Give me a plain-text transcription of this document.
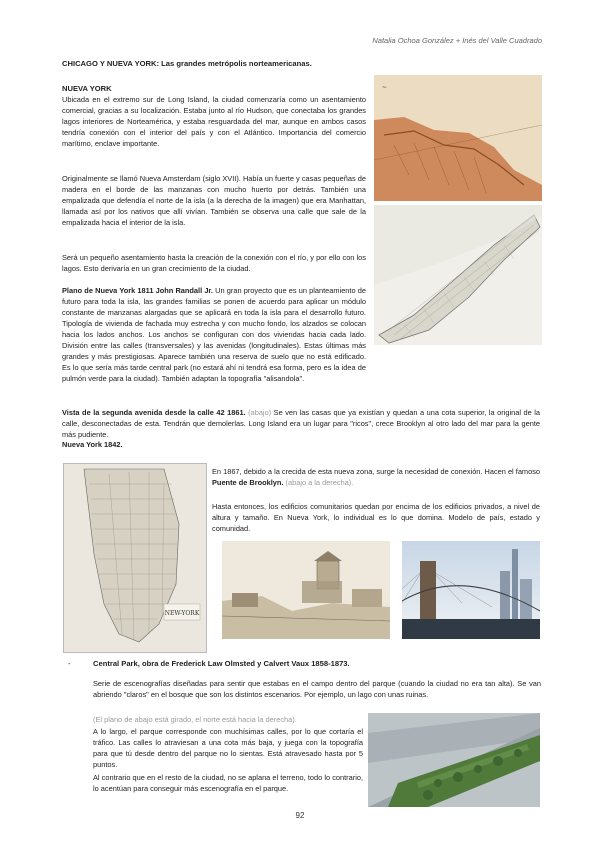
Natalia Ochoa González + Inés del Valle Cuadrado
CHICAGO Y NUEVA YORK: Las grandes metrópolis norteamericanas.
NUEVA YORK

Ubicada en el extremo sur de Long Island, la ciudad comenzaría como un asentamiento comercial, gracias a su localización. Estaba junto al río Hudson, que conectaba los grandes lagos interiores de Norteamérica, y estaba resguardada del mar, aunque en ambos casos tendría conexión con el interior del país y con el Atlántico. Importancia del comercio marítimo, enclave importante.

Originalmente se llamó Nueva Amsterdam (siglo XVII). Había un fuerte y casas pequeñas de madera en el borde de las manzanas con mucho huerto por detrás. También una empalizada que defendía el norte de la isla (a la derecha de la imagen) que era Manhattan, llamada así por los nativos que allí vivían. También se observa una calle que sale de la empalizada hacia el interior de la isla.

Será un pequeño asentamiento hasta la creación de la conexión con el río, y por ello con los lagos. Esto derivaría en un gran crecimiento de la ciudad.

Plano de Nueva York 1811 John Randall Jr. Un gran proyecto que es un planteamiento de futuro para toda la isla, las grandes familias se ponen de acuerdo para aplicar un módulo constante de manzanas alargadas que se aplicará en toda la isla para el desarrollo futuro. Tipología de vivienda de fachada muy estrecha y con mucho fondo, los alzados se colocan hacia los lados anchos. Los anchos se configuran con dos viviendas hacia cada lado. División entre las calles (transversales) y las avenidas (longitudinales). Estas últimas más grandes y más prestigiosas. Aparece también una reserva de suelo que no está edificado. Es lo que sería más tarde central park (no estará ahí ni tendrá esa forma, pero es la idea de pulmón verde para la ciudad). También adaptan la topografía "alisandola".

~

Vista de la segunda avenida desde la calle 42 1861. (abajo) Se ven las casas que ya existían y quedan a una cota superior, la original de la calle, desconectadas de esta. Tendrán que demolerlas. Long Island era un lugar para "ricos", crece Brooklyn al otro lado del mar para la gente más pudiente.

Nueva York 1842.
NEW-YORK

En 1867, debido a la crecida de esta nueva zona, surge la necesidad de conexión. Hacen el famoso Puente de Brooklyn. (abajo a la derecha).

Hasta entonces, los edificios comunitarios quedan por encima de los edificios privados, a nivel de altura y tamaño. En Nueva York, lo individual es lo que domina. Modelo de país, estado y comunidad.

-	Central Park, obra de Frederick Law Olmsted y Calvert Vaux 1858-1873.

Serie de escenografías diseñadas para sentir que estabas en el campo dentro del parque (cuando la ciudad no era tan alta). Se van abriendo "claros" en el bosque que son los distintos escenarios. Por ejemplo, un lago con unas ruinas.

(El plano de abajo está girado, el norte está hacia la derecha).

A lo largo, el parque corresponde con muchísimas calles, por lo que cortaría el tráfico. Las calles lo atraviesan a una cota más baja, y juega con la topografía para que tú desde dentro del parque no lo sientas. Está atravesado hasta por 5 puntos.

Al contrario que en el resto de la ciudad, no se aplana el terreno, todo lo contrario, lo acentúan para conseguir más escenografía en el parque.

92
